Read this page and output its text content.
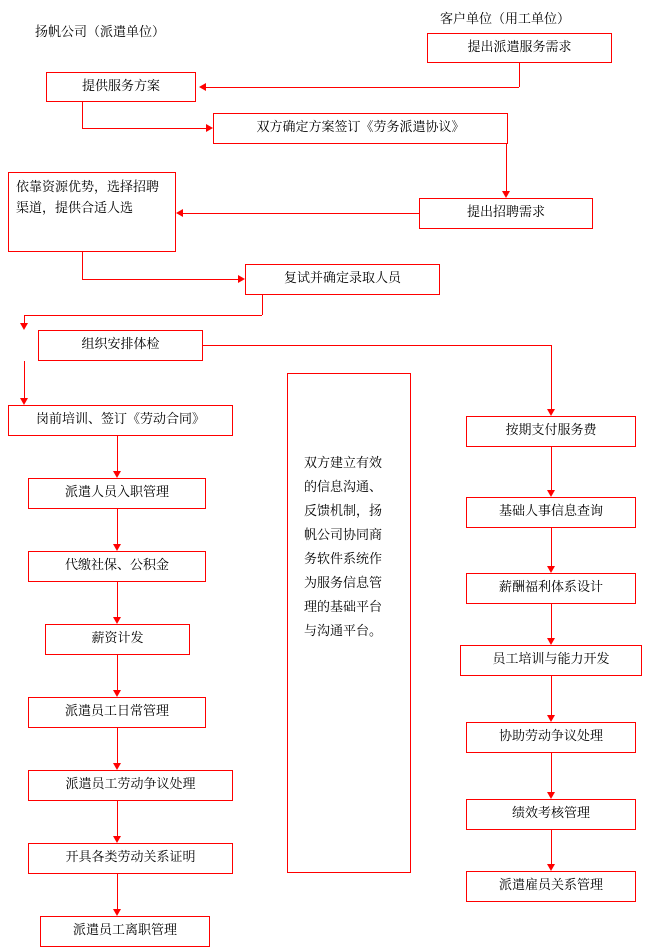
扬帆公司（派遣单位）
客户单位（用工单位）
提出派遣服务需求
提供服务方案
双方确定方案签订《劳务派遣协议》
提出招聘需求
依靠资源优势，选择招聘渠道，提供合适人选
复试并确定录取人员
组织安排体检
岗前培训、签订《劳动合同》
派遣人员入职管理
代缴社保、公积金
薪资计发
派遣员工日常管理
派遣员工劳动争议处理
开具各类劳动关系证明
派遣员工离职管理
双方建立有效的信息沟通、反馈机制，扬帆公司协同商务软件系统作为服务信息管理的基础平台与沟通平台。
按期支付服务费
基础人事信息查询
薪酬福利体系设计
员工培训与能力开发
协助劳动争议处理
绩效考核管理
派遣雇员关系管理
